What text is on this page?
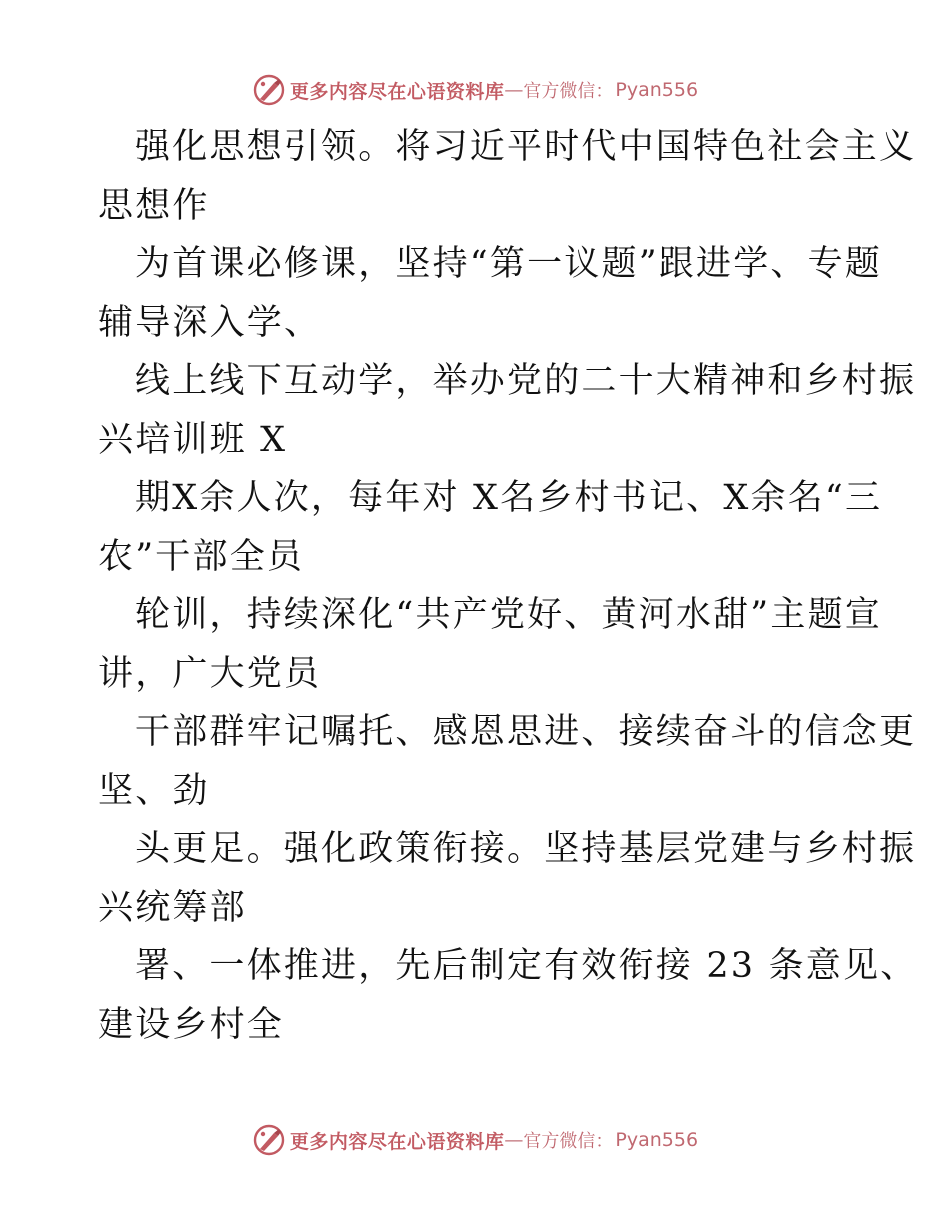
更多内容尽在心语资料库 — 官方微信： Pyan556
强化思想引领。将习近平时代中国特色社会主义
思想作
为首课必修课，坚持“第一议题”跟进学、专题
辅导深入学、
线上线下互动学，举办党的二十大精神和乡村振
兴培训班 X
期X余人次，每年对 X名乡村书记、X余名“三
农”干部全员
轮训，持续深化“共产党好、黄河水甜”主题宣
讲，广大党员
干部群牢记嘱托、感恩思进、接续奋斗的信念更
坚、劲
头更足。强化政策衔接。坚持基层党建与乡村振
兴统筹部
署、一体推进，先后制定有效衔接 23 条意见、
建设乡村全
更多内容尽在心语资料库 — 官方微信： Pyan556
